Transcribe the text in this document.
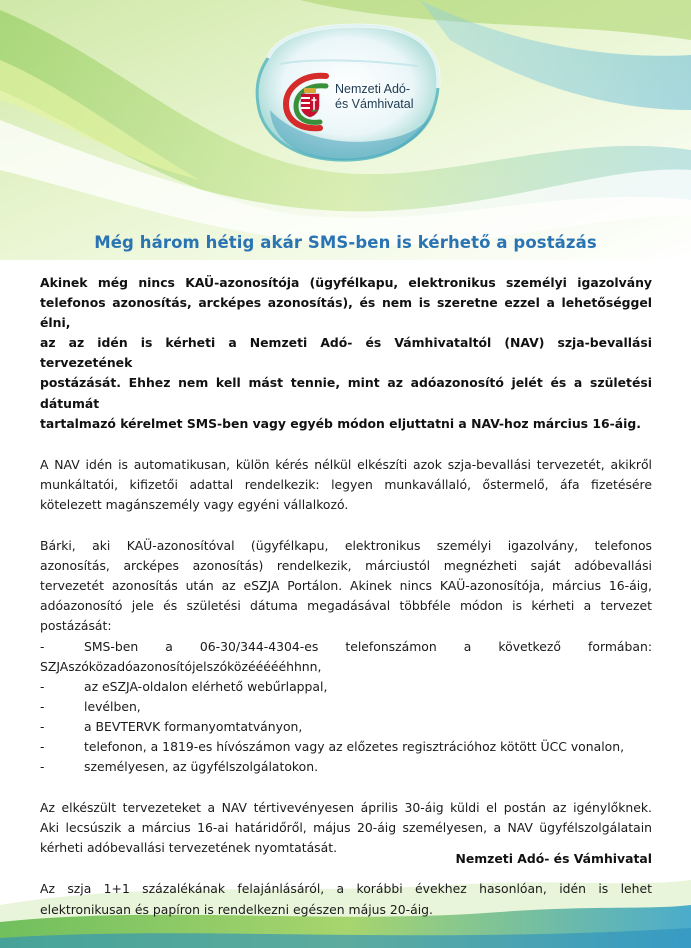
Nemzeti Adó-
és Vámhivatal
Még három hétig akár SMS-ben is kérhető a postázás

Akinek még nincs KAÜ-azonosítója (ügyfélkapu, elektronikus személyi igazolvány
telefonos azonosítás, arcképes azonosítás), és nem is szeretne ezzel a lehetőséggel élni,
az az idén is kérheti a Nemzeti Adó- és Vámhivataltól (NAV) szja-bevallási tervezetének
postázását. Ehhez nem kell mást tennie, mint az adóazonosító jelét és a születési dátumát
tartalmazó kérelmet SMS-ben vagy egyéb módon eljuttatni a NAV-hoz március 16-áig.

A NAV idén is automatikusan, külön kérés nélkül elkészíti azok szja-bevallási tervezetét, akikről
munkáltatói, kifizetői adattal rendelkezik: legyen munkavállaló, őstermelő, áfa fizetésére
kötelezett magánszemély vagy egyéni vállalkozó.

Bárki, aki KAÜ-azonosítóval (ügyfélkapu, elektronikus személyi igazolvány, telefonos
azonosítás, arcképes azonosítás) rendelkezik, márciustól megnézheti saját adóbevallási
tervezetét azonosítás után az eSZJA Portálon. Akinek nincs KAÜ-azonosítója, március 16-áig,
adóazonosító jele és születési dátuma megadásával többféle módon is kérheti a tervezet
postázását:

-	SMS-ben a 06-30/344-4304-es telefonszámon a következő formában:
SZJAszóközadóazonosítójelszóközéééééhhnn,
-	az eSZJA-oldalon elérhető webűrlappal,
-	levélben,
-	a BEVTERVK formanyomtatványon,
-	telefonon, a 1819-es hívószámon vagy az előzetes regisztrációhoz kötött ÜCC vonalon,
-	személyesen, az ügyfélszolgálatokon.

Az elkészült tervezeteket a NAV tértivevényesen április 30-áig küldi el postán az igénylőknek.
Aki lecsúszik a március 16-ai határidőről, május 20-áig személyesen, a NAV ügyfélszolgálatain
kérheti adóbevallási tervezetének nyomtatását.

Az szja 1+1 százalékának felajánlásáról, a korábbi évekhez hasonlóan, idén is lehet
elektronikusan és papíron is rendelkezni egészen május 20-áig.

Nemzeti Adó- és Vámhivatal
